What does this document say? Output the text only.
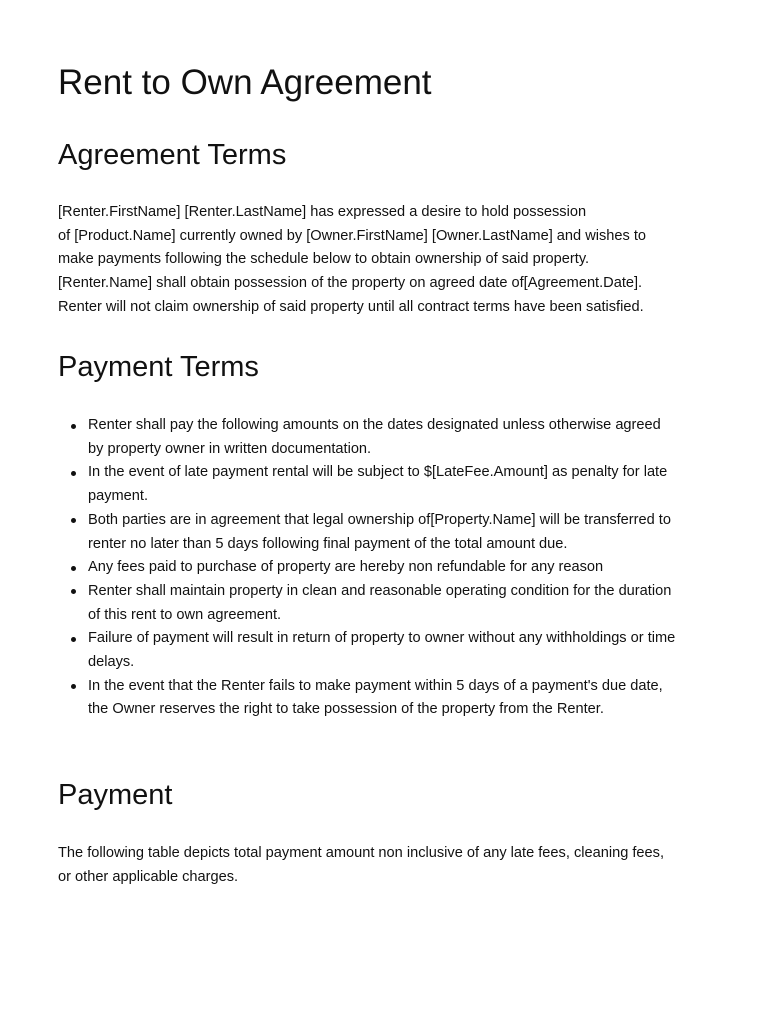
Rent to Own Agreement
Agreement Terms

[Renter.FirstName] [Renter.LastName] has expressed a desire to hold possession
of [Product.Name] currently owned by [Owner.FirstName] [Owner.LastName] and wishes to
make payments following the schedule below to obtain ownership of said property.
[Renter.Name] shall obtain possession of the property on agreed date of[Agreement.Date].
Renter will not claim ownership of said property until all contract terms have been satisfied.

Payment Terms
Renter shall pay the following amounts on the dates designated unless otherwise agreed
by property owner in written documentation.
In the event of late payment rental will be subject to $[LateFee.Amount] as penalty for late
payment.
Both parties are in agreement that legal ownership of[Property.Name] will be transferred to
renter no later than 5 days following final payment of the total amount due.
Any fees paid to purchase of property are hereby non refundable for any reason
Renter shall maintain property in clean and reasonable operating condition for the duration
of this rent to own agreement.
Failure of payment will result in return of property to owner without any withholdings or time
delays.
In the event that the Renter fails to make payment within 5 days of a payment's due date,
the Owner reserves the right to take possession of the property from the Renter.
Payment

The following table depicts total payment amount non inclusive of any late fees, cleaning fees,
or other applicable charges.
